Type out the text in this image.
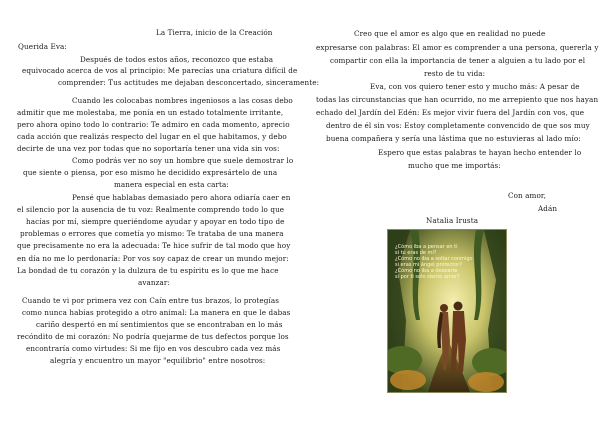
La Tierra, inicio de la Creación
Querida Eva:
Después de todos estos años, reconozco que estaba
equivocado acerca de vos al principio: Me parecías una criatura difícil de
comprender: Tus actitudes me dejaban desconcertado, sinceramente:
Cuando les colocabas nombres ingeniosos a las cosas debo
admitir que me molestaba, me ponía en un estado totalmente irritante,
pero ahora opino todo lo contrario: Te admiro en cada momento, aprecio
cada acción que realizás respecto del lugar en el que habitamos, y debo
decirte de una vez por todas que no soportaría tener una vida sin vos:
Como podrás ver no soy un hombre que suele demostrar lo
que siente o piensa, por eso mismo he decidido expresártelo de una
manera especial en esta carta:
Pensé que hablabas demasiado pero ahora odiaría caer en
el silencio por la ausencia de tu voz: Realmente comprendo todo lo que
hacías por mí, siempre queriéndome ayudar y apoyar en todo tipo de
problemas o errores que cometía yo mismo: Te trataba de una manera
que precisamente no era la adecuada: Te hice sufrir de tal modo que hoy
en día no me lo perdonaría: Por vos soy capaz de crear un mundo mejor:
La bondad de tu corazón y la dulzura de tu espíritu es lo que me hace
avanzar:
Cuando te vi por primera vez con Caín entre tus brazos, lo protegías
como nunca habías protegido a otro animal: La manera en que le dabas
cariño despertó en mí sentimientos que se encontraban en lo más
recóndito de mi corazón: No podría quejarme de tus defectos porque los
encontraría como virtudes: Si me fijo en vos descubro cada vez más
alegría y encuentro un mayor "equilibrio" entre nosotros:
Creo que el amor es algo que en realidad no puede
expresarse con palabras: El amor es comprender a una persona, quererla y
compartir con ella la importancia de tener a alguien a tu lado por el
resto de tu vida:
Eva, con vos quiero tener esto y mucho más: A pesar de
todas las circunstancias que han ocurrido, no me arrepiento que nos hayan
echado del Jardín del Edén: Es mejor vivir fuera del Jardín con vos, que
dentro de él sin vos: Estoy completamente convencido de que sos muy
buena compañera y sería una lástima que no estuvieras al lado mío:
Espero que estas palabras te hayan hecho entender lo
mucho que me importás:
Con amor,
Adán
Natalia Irusta
¿Cómo iba a pensar en ti
si tú eras de mí?
¿Cómo no iba a soltar conmigo
si eras mi ángel protector?
¿Cómo no iba a desearte
si por ti solo siento amor?
